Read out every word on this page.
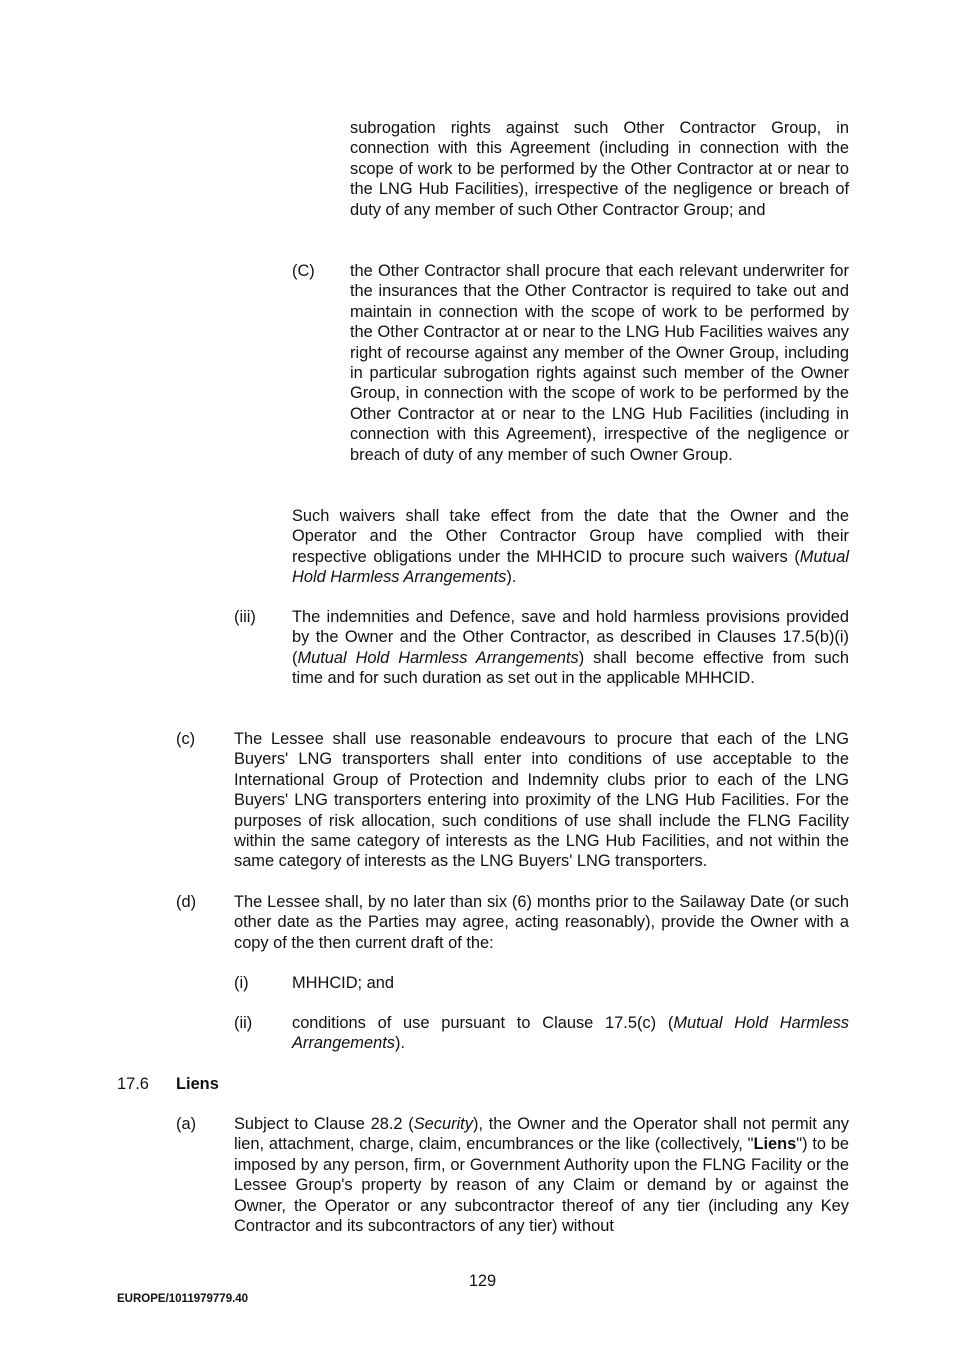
subrogation rights against such Other Contractor Group, in connection with this Agreement (including in connection with the scope of work to be performed by the Other Contractor at or near to the LNG Hub Facilities), irrespective of the negligence or breach of duty of any member of such Other Contractor Group; and
(C) the Other Contractor shall procure that each relevant underwriter for the insurances that the Other Contractor is required to take out and maintain in connection with the scope of work to be performed by the Other Contractor at or near to the LNG Hub Facilities waives any right of recourse against any member of the Owner Group, including in particular subrogation rights against such member of the Owner Group, in connection with the scope of work to be performed by the Other Contractor at or near to the LNG Hub Facilities (including in connection with this Agreement), irrespective of the negligence or breach of duty of any member of such Owner Group.
Such waivers shall take effect from the date that the Owner and the Operator and the Other Contractor Group have complied with their respective obligations under the MHHCID to procure such waivers (Mutual Hold Harmless Arrangements).
(iii) The indemnities and Defence, save and hold harmless provisions provided by the Owner and the Other Contractor, as described in Clauses 17.5(b)(i) (Mutual Hold Harmless Arrangements) shall become effective from such time and for such duration as set out in the applicable MHHCID.
(c) The Lessee shall use reasonable endeavours to procure that each of the LNG Buyers' LNG transporters shall enter into conditions of use acceptable to the International Group of Protection and Indemnity clubs prior to each of the LNG Buyers' LNG transporters entering into proximity of the LNG Hub Facilities. For the purposes of risk allocation, such conditions of use shall include the FLNG Facility within the same category of interests as the LNG Hub Facilities, and not within the same category of interests as the LNG Buyers' LNG transporters.
(d) The Lessee shall, by no later than six (6) months prior to the Sailaway Date (or such other date as the Parties may agree, acting reasonably), provide the Owner with a copy of the then current draft of the:
(i)	MHHCID; and
(ii) conditions of use pursuant to Clause 17.5(c) (Mutual Hold Harmless Arrangements).
17.6 Liens
(a) Subject to Clause 28.2 (Security), the Owner and the Operator shall not permit any lien, attachment, charge, claim, encumbrances or the like (collectively, "Liens") to be imposed by any person, firm, or Government Authority upon the FLNG Facility or the Lessee Group's property by reason of any Claim or demand by or against the Owner, the Operator or any subcontractor thereof of any tier (including any Key Contractor and its subcontractors of any tier) without
129
EUROPE/1011979779.40
